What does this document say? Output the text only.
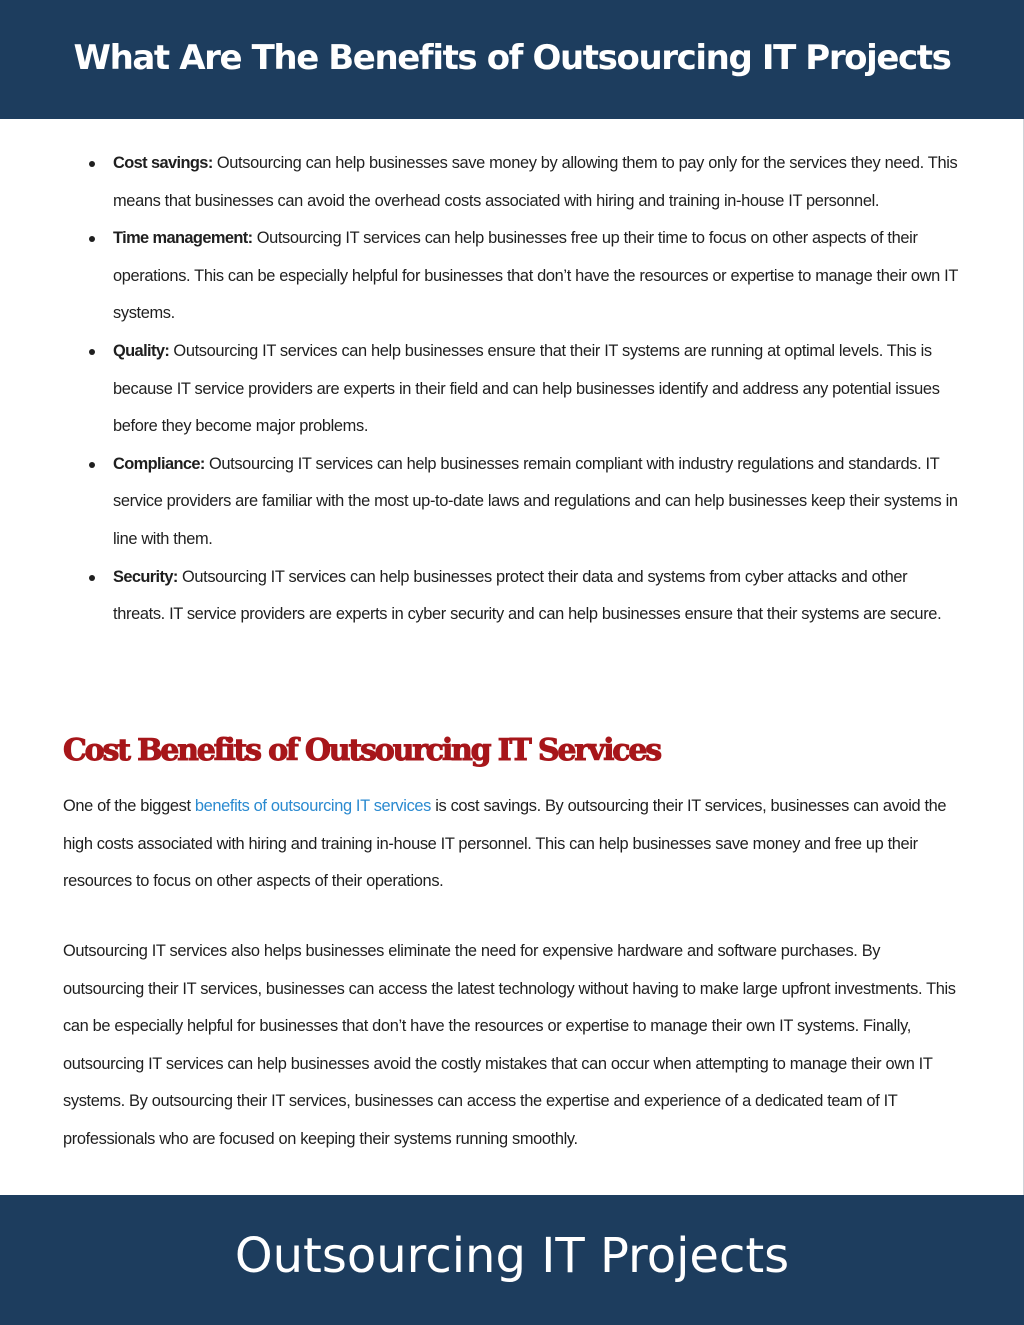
What Are The Benefits of Outsourcing IT Projects
Cost savings: Outsourcing can help businesses save money by allowing them to pay only for the services they need. This means that businesses can avoid the overhead costs associated with hiring and training in-house IT personnel.
Time management: Outsourcing IT services can help businesses free up their time to focus on other aspects of their operations. This can be especially helpful for businesses that don’t have the resources or expertise to manage their own IT systems.
Quality: Outsourcing IT services can help businesses ensure that their IT systems are running at optimal levels. This is because IT service providers are experts in their field and can help businesses identify and address any potential issues before they become major problems.
Compliance: Outsourcing IT services can help businesses remain compliant with industry regulations and standards. IT service providers are familiar with the most up-to-date laws and regulations and can help businesses keep their systems in line with them.
Security: Outsourcing IT services can help businesses protect their data and systems from cyber attacks and other threats. IT service providers are experts in cyber security and can help businesses ensure that their systems are secure.
Cost Benefits of Outsourcing IT Services

One of the biggest benefits of outsourcing IT services is cost savings. By outsourcing their IT services, businesses can avoid the high costs associated with hiring and training in-house IT personnel. This can help businesses save money and free up their resources to focus on other aspects of their operations.

Outsourcing IT services also helps businesses eliminate the need for expensive hardware and software purchases. By outsourcing their IT services, businesses can access the latest technology without having to make large upfront investments. This can be especially helpful for businesses that don’t have the resources or expertise to manage their own IT systems. Finally, outsourcing IT services can help businesses avoid the costly mistakes that can occur when attempting to manage their own IT systems. By outsourcing their IT services, businesses can access the expertise and experience of a dedicated team of IT professionals who are focused on keeping their systems running smoothly.

Outsourcing IT Projects
